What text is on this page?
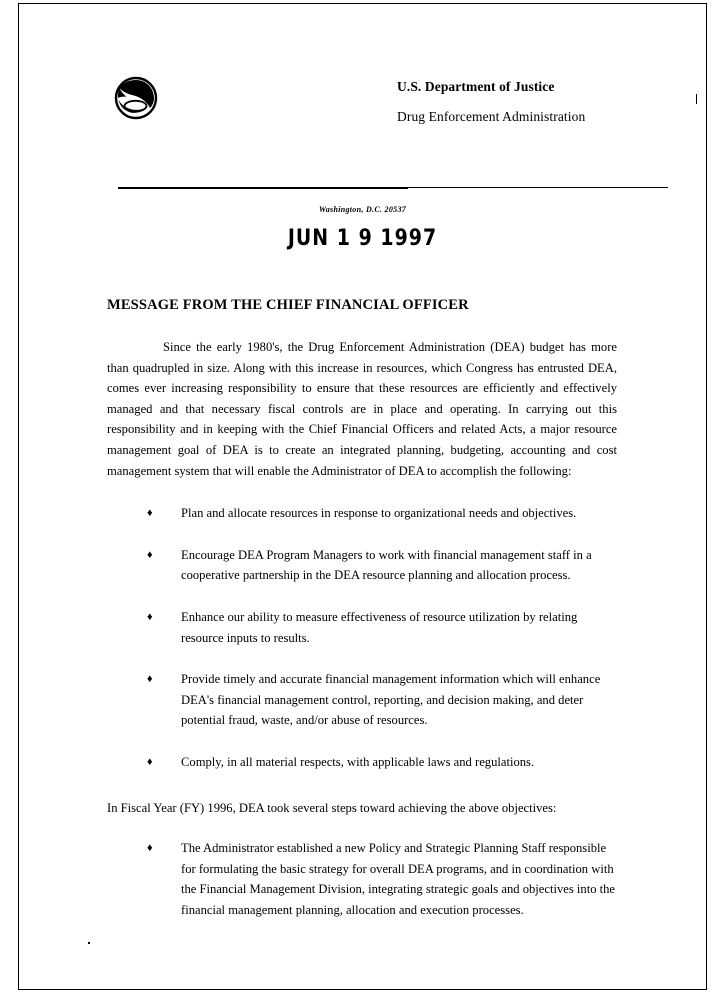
U.S. Department of Justice
Drug Enforcement Administration
Washington, D.C. 20537
JUN 1 9 1997
MESSAGE FROM THE CHIEF FINANCIAL OFFICER

Since the early 1980's, the Drug Enforcement Administration (DEA) budget has more than quadrupled in size. Along with this increase in resources, which Congress has entrusted DEA, comes ever increasing responsibility to ensure that these resources are efficiently and effectively managed and that necessary fiscal controls are in place and operating. In carrying out this responsibility and in keeping with the Chief Financial Officers and related Acts, a major resource management goal of DEA is to create an integrated planning, budgeting, accounting and cost management system that will enable the Administrator of DEA to accomplish the following:

♦ Plan and allocate resources in response to organizational needs and objectives.
♦ Encourage DEA Program Managers to work with financial management staff in a cooperative partnership in the DEA resource planning and allocation process.
♦ Enhance our ability to measure effectiveness of resource utilization by relating resource inputs to results.
♦ Provide timely and accurate financial management information which will enhance DEA's financial management control, reporting, and decision making, and deter potential fraud, waste, and/or abuse of resources.
♦ Comply, in all material respects, with applicable laws and regulations.

In Fiscal Year (FY) 1996, DEA took several steps toward achieving the above objectives:

♦ The Administrator established a new Policy and Strategic Planning Staff responsible for formulating the basic strategy for overall DEA programs, and in coordination with the Financial Management Division, integrating strategic goals and objectives into the financial management planning, allocation and execution processes.
